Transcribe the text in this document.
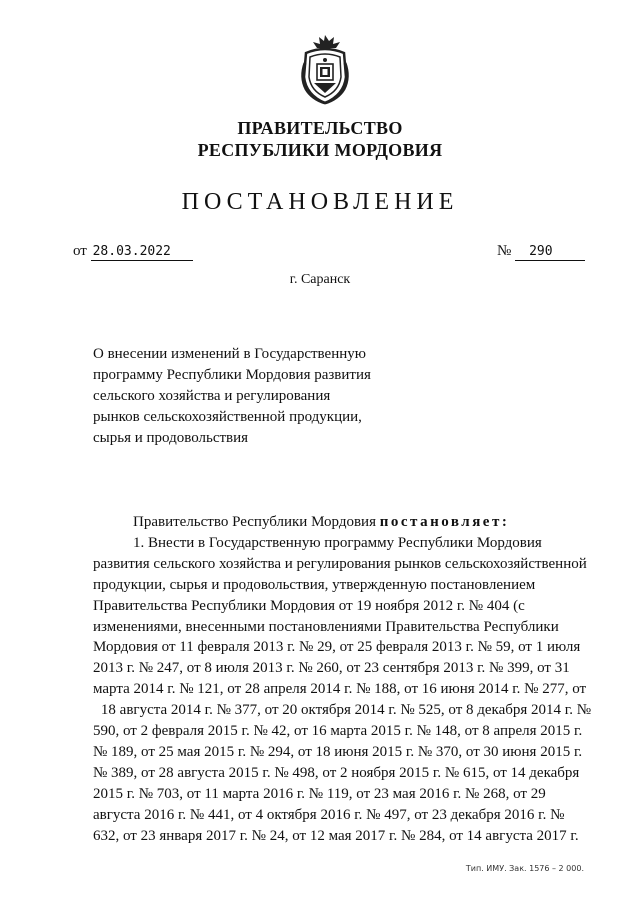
ПРАВИТЕЛЬСТВО
РЕСПУБЛИКИ МОРДОВИЯ
ПОСТАНОВЛЕНИЕ
от 28.03.2022	№ 290
г. Саранск
О внесении изменений в Государственную
программу Республики Мордовия развития
сельского хозяйства и регулирования
рынков сельскохозяйственной продукции,
сырья и продовольствия
Правительство Республики Мордовия постановляет:
1. Внести в Государственную программу Республики Мордовия
развития сельского хозяйства и регулирования рынков сельскохозяйственной
продукции, сырья и продовольствия, утвержденную постановлением
Правительства Республики Мордовия от 19 ноября 2012 г. № 404 (с
изменениями, внесенными постановлениями Правительства Республики
Мордовия от 11 февраля 2013 г. № 29, от 25 февраля 2013 г. № 59, от 1 июля
2013 г. № 247, от 8 июля 2013 г. № 260, от 23 сентября 2013 г. № 399, от 31
марта 2014 г. № 121, от 28 апреля 2014 г. № 188, от 16 июня 2014 г. № 277, от
18 августа 2014 г. № 377, от 20 октября 2014 г. № 525, от 8 декабря 2014 г. №
590, от 2 февраля 2015 г. № 42, от 16 марта 2015 г. № 148, от 8 апреля 2015 г.
№ 189, от 25 мая 2015 г. № 294, от 18 июня 2015 г. № 370, от 30 июня 2015 г.
№ 389, от 28 августа 2015 г. № 498, от 2 ноября 2015 г. № 615, от 14 декабря
2015 г. № 703, от 11 марта 2016 г. № 119, от 23 мая 2016 г. № 268, от 29
августа 2016 г. № 441, от 4 октября 2016 г. № 497, от 23 декабря 2016 г. №
632, от 23 января 2017 г. № 24, от 12 мая 2017 г. № 284, от 14 августа 2017 г.
Тип. ИМУ. Зак. 1576 – 2 000.
